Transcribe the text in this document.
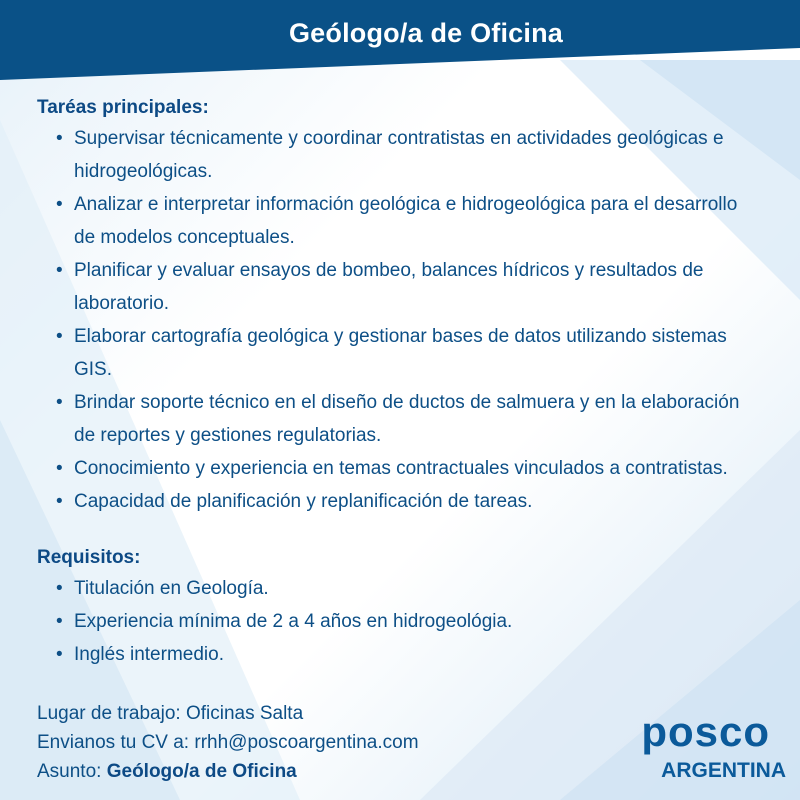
Geólogo/a de Oficina
Taréas principales:
• Supervisar técnicamente y coordinar contratistas en actividades geológicas e
hidrogeológicas.
• Analizar e interpretar información geológica e hidrogeológica para el desarrollo
de modelos conceptuales.
• Planificar y evaluar ensayos de bombeo, balances hídricos y resultados de
laboratorio.
• Elaborar cartografía geológica y gestionar bases de datos utilizando sistemas
GIS.
• Brindar soporte técnico en el diseño de ductos de salmuera y en la elaboración
de reportes y gestiones regulatorias.
• Conocimiento y experiencia en temas contractuales vinculados a contratistas.
• Capacidad de planificación y replanificación de tareas.
Requisitos:
• Titulación en Geología.
• Experiencia mínima de 2 a 4 años en hidrogeológia.
• Inglés intermedio.
Lugar de trabajo: Oficinas Salta
Envianos tu CV a: rrhh@poscoargentina.com
Asunto: Geólogo/a de Oficina
posco
ARGENTINA
